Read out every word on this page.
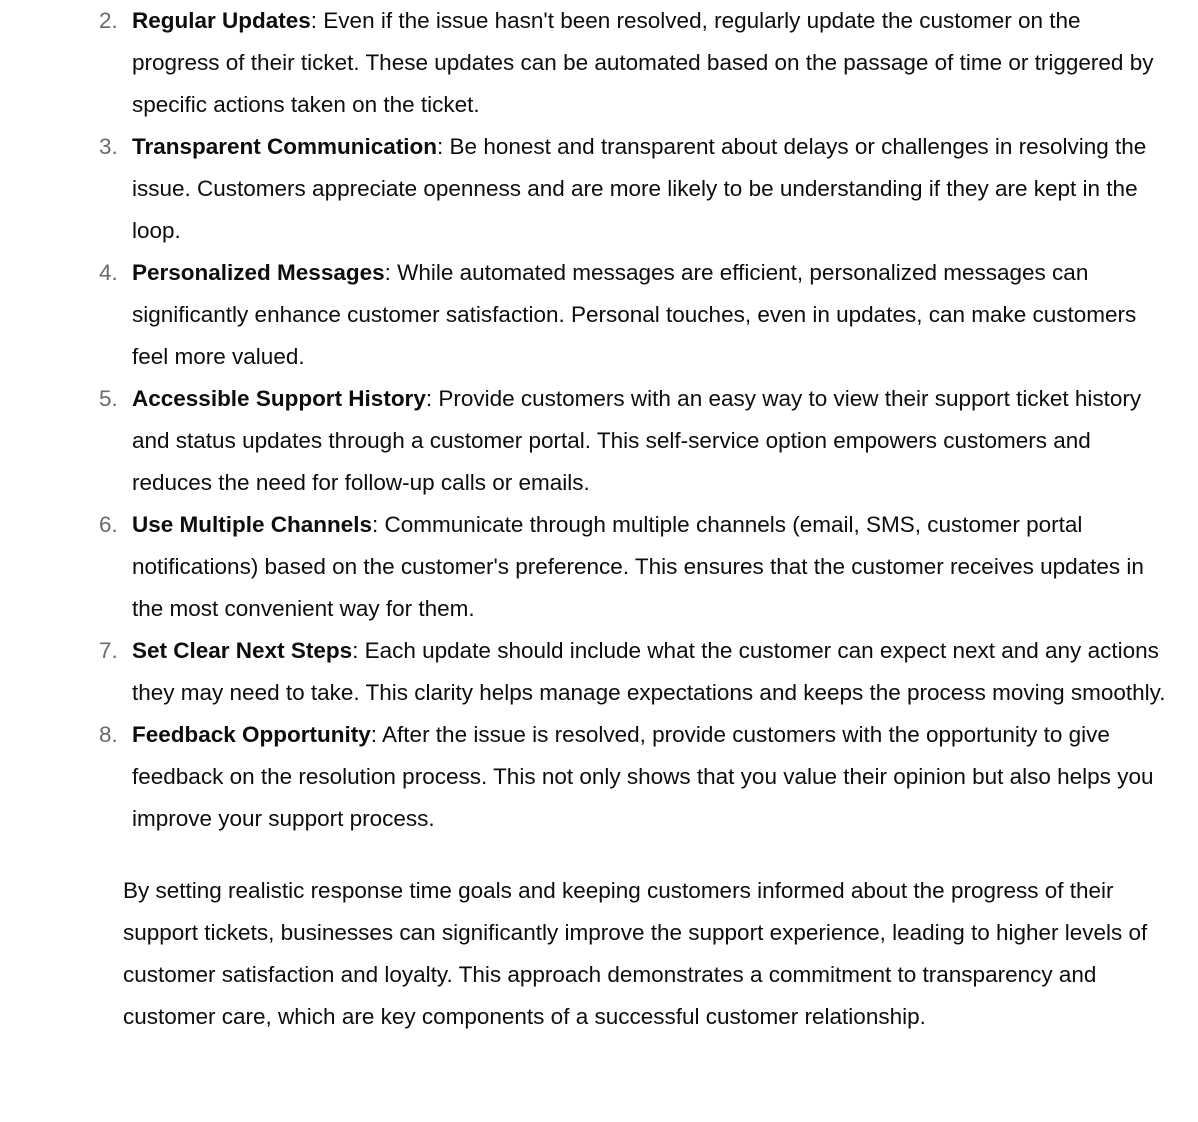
2. Regular Updates: Even if the issue hasn't been resolved, regularly update the customer on the progress of their ticket. These updates can be automated based on the passage of time or triggered by specific actions taken on the ticket.
3. Transparent Communication: Be honest and transparent about delays or challenges in resolving the issue. Customers appreciate openness and are more likely to be understanding if they are kept in the loop.
4. Personalized Messages: While automated messages are efficient, personalized messages can significantly enhance customer satisfaction. Personal touches, even in updates, can make customers feel more valued.
5. Accessible Support History: Provide customers with an easy way to view their support ticket history and status updates through a customer portal. This self-service option empowers customers and reduces the need for follow-up calls or emails.
6. Use Multiple Channels: Communicate through multiple channels (email, SMS, customer portal notifications) based on the customer's preference. This ensures that the customer receives updates in the most convenient way for them.
7. Set Clear Next Steps: Each update should include what the customer can expect next and any actions they may need to take. This clarity helps manage expectations and keeps the process moving smoothly.
8. Feedback Opportunity: After the issue is resolved, provide customers with the opportunity to give feedback on the resolution process. This not only shows that you value their opinion but also helps you improve your support process.

By setting realistic response time goals and keeping customers informed about the progress of their support tickets, businesses can significantly improve the support experience, leading to higher levels of customer satisfaction and loyalty. This approach demonstrates a commitment to transparency and customer care, which are key components of a successful customer relationship.
